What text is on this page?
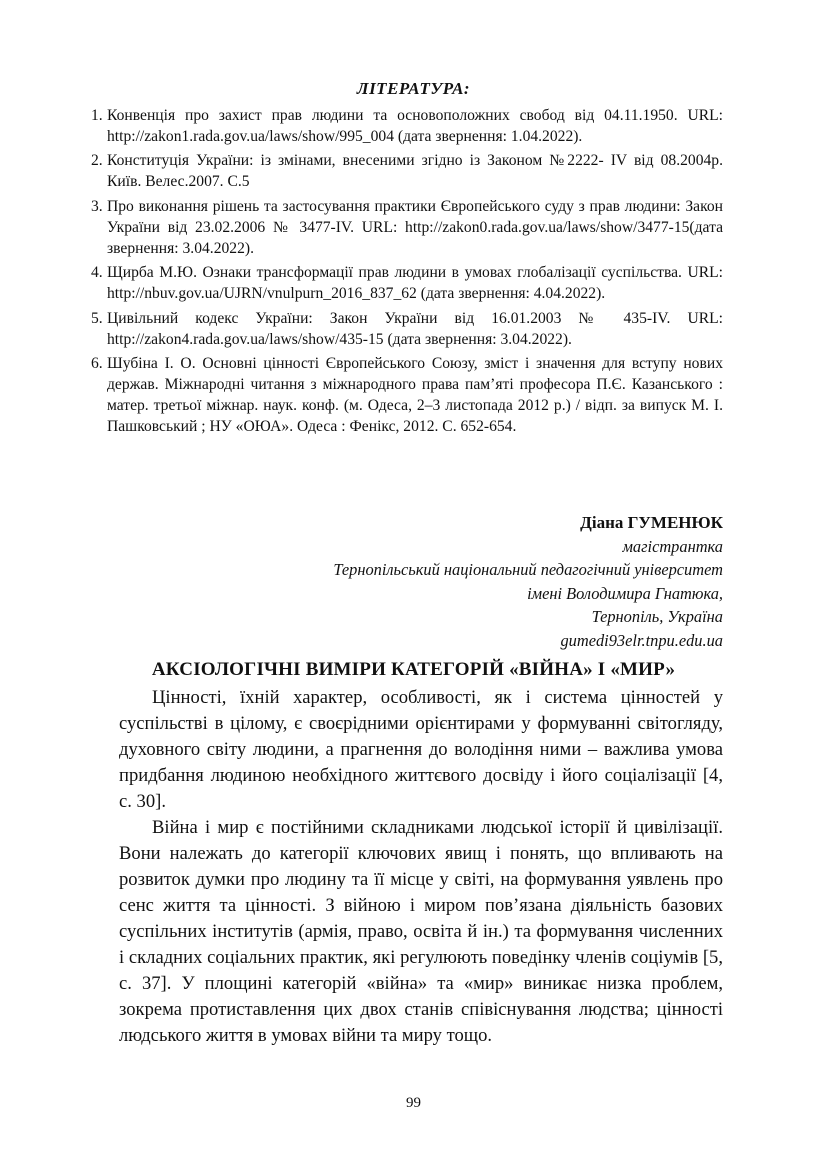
ЛІТЕРАТУРА:
1. Конвенція про захист прав людини та основоположних свобод від 04.11.1950. URL: http://zakon1.rada.gov.ua/laws/show/995_004 (дата звернення: 1.04.2022).
2. Конституція України: із змінами, внесеними згідно із Законом №2222- IV від 08.2004р. Київ. Велес.2007. С.5
3. Про виконання рішень та застосування практики Європейського суду з прав людини: Закон України від 23.02.2006 № 3477-IV. URL: http://zakon0.rada.gov.ua/laws/show/3477-15(дата звернення: 3.04.2022).
4. Щирба М.Ю. Ознаки трансформації прав людини в умовах глобалізації суспільства. URL: http://nbuv.gov.ua/UJRN/vnulpurn_2016_837_62 (дата звернення: 4.04.2022).
5. Цивільний кодекс України: Закон України від 16.01.2003 № 435-IV. URL: http://zakon4.rada.gov.ua/laws/show/435-15 (дата звернення: 3.04.2022).
6. Шубіна І. О. Основні цінності Європейського Союзу, зміст і значення для вступу нових держав. Міжнародні читання з міжнародного права пам’яті професора П.Є. Казанського : матер. третьої міжнар. наук. конф. (м. Одеса, 2–3 листопада 2012 р.) / відп. за випуск М. І. Пашковський ; НУ «ОЮА». Одеса : Фенікс, 2012. С. 652-654.
Діана ГУМЕНЮК
магістрантка
Тернопільський національний педагогічний університет
імені Володимира Гнатюка,
Тернопіль, Україна
gumedi93elr.tnpu.edu.ua
АКСІОЛОГІЧНІ ВИМІРИ КАТЕГОРІЙ «ВІЙНА» І «МИР»

Цінності, їхній характер, особливості, як і система цінностей у суспільстві в цілому, є своєрідними орієнтирами у формуванні світогляду, духовного світу людини, а прагнення до володіння ними – важлива умова придбання людиною необхідного життєвого досвіду і його соціалізації [4, с. 30].

Війна і мир є постійними складниками людської історії й цивілізації. Вони належать до категорії ключових явищ і понять, що впливають на розвиток думки про людину та її місце у світі, на формування уявлень про сенс життя та цінності. З війною і миром пов’язана діяльність базових суспільних інститутів (армія, право, освіта й ін.) та формування численних і складних соціальних практик, які регулюють поведінку членів соціумів [5, с. 37]. У площині категорій «війна» та «мир» виникає низка проблем, зокрема протиставлення цих двох станів співіснування людства; цінності людського життя в умовах війни та миру тощо.

99
